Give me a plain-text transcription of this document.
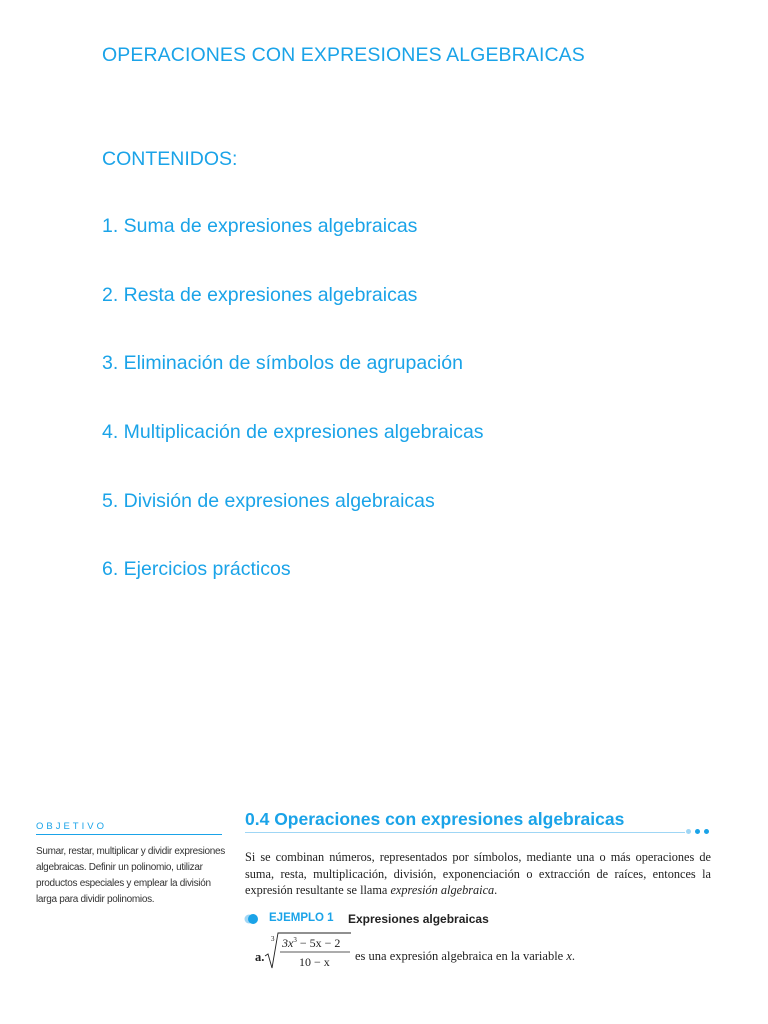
OPERACIONES CON EXPRESIONES ALGEBRAICAS
CONTENIDOS:

1. Suma de expresiones algebraicas

2. Resta de expresiones algebraicas

3. Eliminación de símbolos de agrupación

4. Multiplicación de expresiones algebraicas

5. División de expresiones algebraicas

6. Ejercicios prácticos

OBJETIVO
Sumar, restar, multiplicar y dividir expresiones algebraicas. Definir un polinomio, utilizar productos especiales y emplear la división larga para dividir polinomios.
0.4 Operaciones con expresiones algebraicas

Si se combinan números, representados por símbolos, mediante una o más operaciones de suma, resta, multiplicación, división, exponenciación o extracción de raíces, entonces la expresión resultante se llama expresión algebraica.

EJEMPLO 1 Expresiones algebraicas
a.
3 $3x^3 - 5x - 2$
10 − x es una expresión algebraica en la variable x.
